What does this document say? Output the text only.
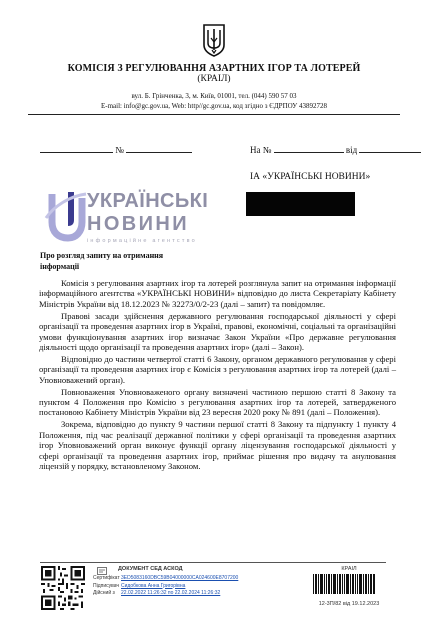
КОМІСІЯ З РЕГУЛЮВАННЯ АЗАРТНИХ ІГОР ТА ЛОТЕРЕЙ
(КРАІЛ)
вул. Б. Грінченка, 3, м. Київ, 01001, тел. (044) 590 57 03
E-mail: info@gc.gov.ua, Web: http//gc.gov.ua, код згідно з ЄДРПОУ 43892728
№	На №	від
ІА «УКРАЇНСЬКІ НОВИНИ»
УКРАЇНСЬКІ
НОВИНИ
інформаційне агентство
Про розгляд запиту на отримання інформації

Комісія з регулювання азартних ігор та лотерей розглянула запит на отримання інформації інформаційного агентства «УКРАЇНСЬКІ НОВИНИ» відповідно до листа Секретаріату Кабінету Міністрів України від 18.12.2023 № 32273/0/2-23 (далі – запит) та повідомляє.

Правові засади здійснення державного регулювання господарської діяльності у сфері організації та проведення азартних ігор в Україні, правові, економічні, соціальні та організаційні умови функціонування азартних ігор визначає Закон України «Про державне регулювання діяльності щодо організації та проведення азартних ігор» (далі – Закон).

Відповідно до частини четвертої статті 6 Закону, органом державного регулювання у сфері організації та проведення азартних ігор є Комісія з регулювання азартних ігор та лотерей (далі – Уповноважений орган).

Повноваження Уповноваженого органу визначені частиною першою статті 8 Закону та пунктом 4 Положення про Комісію з регулювання азартних ігор та лотерей, затвердженого постановою Кабінету Міністрів України від 23 вересня 2020 року № 891 (далі – Положення).

Зокрема, відповідно до пункту 9 частини першої статті 8 Закону та підпункту 1 пункту 4 Положення, під час реалізації державної політики у сфері організації та проведення азартних ігор Уповноважений орган виконує функції органу ліцензування господарської діяльності у сфері організації та проведення азартних ігор, приймає рішення про видачу та анулювання ліцензій у порядку, встановленому Законом.

ДОКУМЕНТ СЕД АСКОД
Сертифікат 3ED5083160DBC59B04000000CA024600E8707200
Підписувач Сидобкова Анна Григорівна
Дійсний з	22.02.2022 11:26:32 по 22.02.2024 11:26:32
КРАІЛ
12-3П/82 від 19.12.2023
